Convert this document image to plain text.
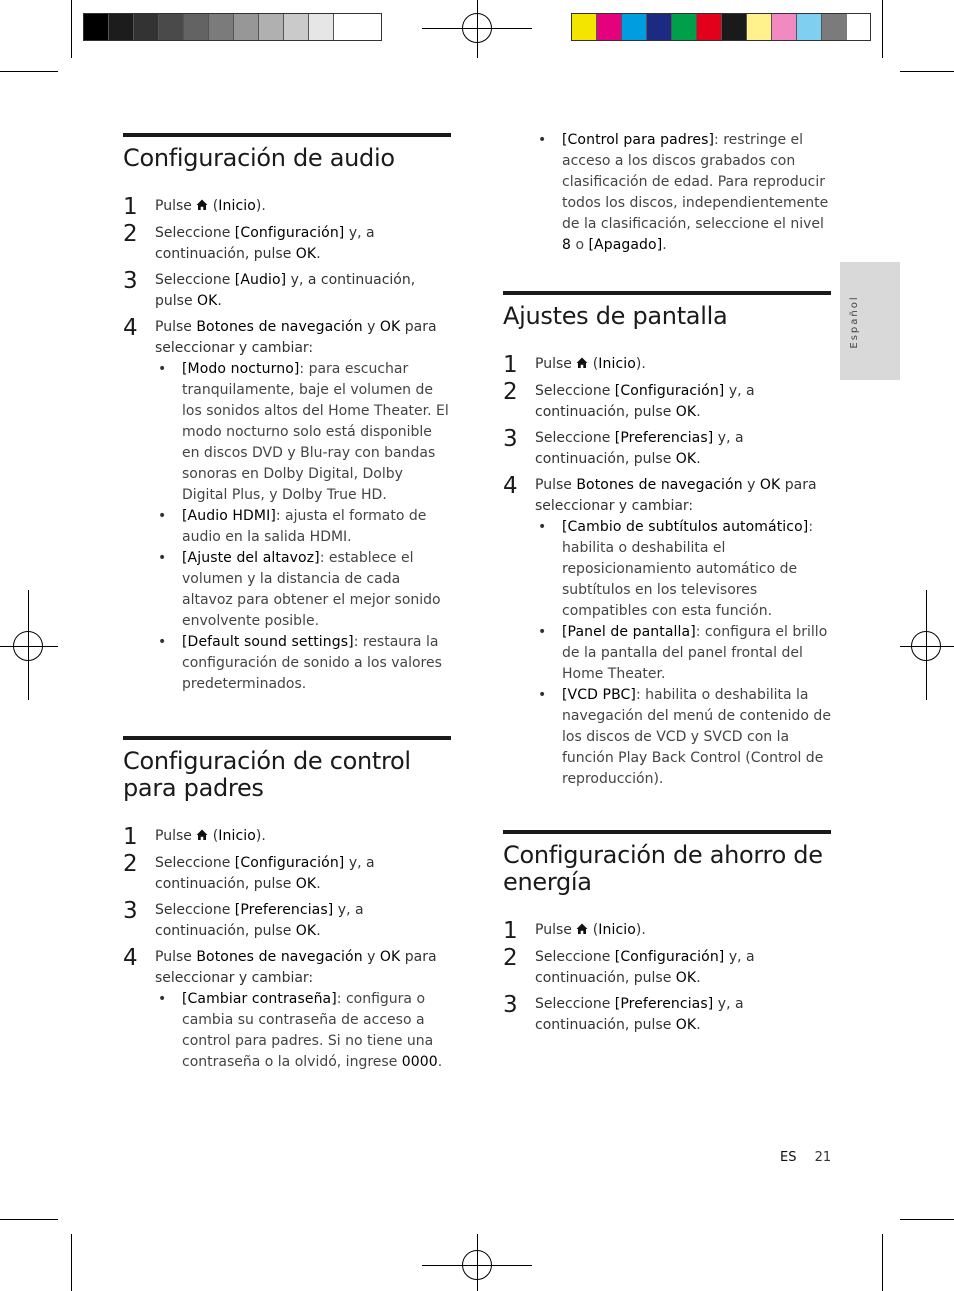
Español
Configuración de audio
1	Pulse  (Inicio).
2	Seleccione [Configuración] y, a continuación, pulse OK.
3	Seleccione [Audio] y, a continuación, pulse OK.
4	Pulse Botones de navegación y OK para seleccionar y cambiar:
•	[Modo nocturno]: para escuchar tranquilamente, baje el volumen de los sonidos altos del Home Theater. El modo nocturno solo está disponible en discos DVD y Blu-ray con bandas sonoras en Dolby Digital, Dolby Digital Plus, y Dolby True HD.
•	[Audio HDMI]: ajusta el formato de audio en la salida HDMI.
•	[Ajuste del altavoz]: establece el volumen y la distancia de cada altavoz para obtener el mejor sonido envolvente posible.
•	[Default sound settings]: restaura la configuración de sonido a los valores predeterminados.
Configuración de control para padres
1	Pulse  (Inicio).
2	Seleccione [Configuración] y, a continuación, pulse OK.
3	Seleccione [Preferencias] y, a continuación, pulse OK.
4	Pulse Botones de navegación y OK para seleccionar y cambiar:
•	[Cambiar contraseña]: configura o cambia su contraseña de acceso a control para padres. Si no tiene una contraseña o la olvidó, ingrese 0000.
•	[Control para padres]: restringe el acceso a los discos grabados con clasificación de edad. Para reproducir todos los discos, independientemente de la clasificación, seleccione el nivel 8 o [Apagado].
Ajustes de pantalla
1	Pulse  (Inicio).
2	Seleccione [Configuración] y, a continuación, pulse OK.
3	Seleccione [Preferencias] y, a continuación, pulse OK.
4	Pulse Botones de navegación y OK para seleccionar y cambiar:
•	[Cambio de subtítulos automático]: habilita o deshabilita el reposicionamiento automático de subtítulos en los televisores compatibles con esta función.
•	[Panel de pantalla]: configura el brillo de la pantalla del panel frontal del Home Theater.
•	[VCD PBC]: habilita o deshabilita la navegación del menú de contenido de los discos de VCD y SVCD con la función Play Back Control (Control de reproducción).
Configuración de ahorro de energía
1	Pulse  (Inicio).
2	Seleccione [Configuración] y, a continuación, pulse OK.
3	Seleccione [Preferencias] y, a continuación, pulse OK.
ES 21
